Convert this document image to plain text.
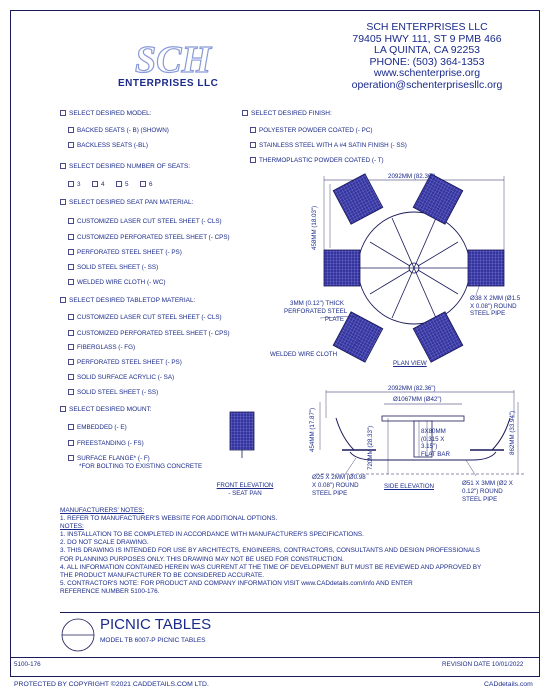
SCH
ENTERPRISES LLC
SCH ENTERPRISES LLC
79405 HWY 111, ST 9 PMB 466
LA QUINTA, CA 92253
PHONE: (503) 364-1353
www.schenterprise.org
operation@schenterprisesllc.org
SELECT DESIRED MODEL:
BACKED SEATS (- B) (SHOWN)
BACKLESS SEATS (-BL)
SELECT DESIRED NUMBER OF SEATS:
3	4	5	6
SELECT DESIRED SEAT PAN MATERIAL:
CUSTOMIZED LASER CUT STEEL SHEET (- CLS)
CUSTOMIZED PERFORATED STEEL SHEET (- CPS)
PERFORATED STEEL SHEET (- PS)
SOLID STEEL SHEET (- SS)
WELDED WIRE CLOTH (- WC)
SELECT DESIRED TABLETOP MATERIAL:
CUSTOMIZED LASER CUT STEEL SHEET (- CLS)
CUSTOMIZED PERFORATED STEEL SHEET (- CPS)
FIBERGLASS (- FG)
PERFORATED STEEL SHEET (- PS)
SOLID SURFACE ACRYLIC (- SA)
SOLID STEEL SHEET (- SS)
SELECT DESIRED MOUNT:
EMBEDDED (- E)
FREESTANDING (- FS)
SURFACE FLANGE* (- F)
*FOR BOLTING TO EXISTING CONCRETE
SELECT DESIRED FINISH:
POLYESTER POWDER COATED (- PC)
STAINLESS STEEL WITH A #4 SATIN FINISH (- SS)
THERMOPLASTIC POWDER COATED (- T)
2092MM (82.36")
458MM (18.03")
Ø38 X 2MM (Ø1.5
X 0.08") ROUND
STEEL PIPE
3MM (0.12") THICK
PERFORATED STEEL
PLATE
WELDED WIRE CLOTH
PLAN VIEW
FRONT ELEVATION
- SEAT PAN
2092MM (82.36")
Ø1067MM (Ø42")
454MM (17.87")	720MM (28.33")	862MM (33.94")
8X80MM
(0.315 X
3.15")
FLAT BAR
Ø25 X 2MM (Ø0.98
X 0.08") ROUND
STEEL PIPE
Ø51 X 3MM (Ø2 X
0.12") ROUND
STEEL PIPE
SIDE ELEVATION
MANUFACTURERS' NOTES:
1. REFER TO MANUFACTURER'S WEBSITE FOR ADDITIONAL OPTIONS.
NOTES:
1. INSTALLATION TO BE COMPLETED IN ACCORDANCE WITH MANUFACTURER'S SPECIFICATIONS.
2. DO NOT SCALE DRAWING.
3. THIS DRAWING IS INTENDED FOR USE BY ARCHITECTS, ENGINEERS, CONTRACTORS, CONSULTANTS AND DESIGN PROFESSIONALS
FOR PLANNING PURPOSES ONLY. THIS DRAWING MAY NOT BE USED FOR CONSTRUCTION.
4. ALL INFORMATION CONTAINED HEREIN WAS CURRENT AT THE TIME OF DEVELOPMENT BUT MUST BE REVIEWED AND APPROVED BY
THE PRODUCT MANUFACTURER TO BE CONSIDERED ACCURATE.
5. CONTRACTOR'S NOTE: FOR PRODUCT AND COMPANY INFORMATION VISIT www.CADdetails.com/info AND ENTER
REFERENCE NUMBER 5100-176.
PICNIC TABLES
MODEL TB 6007-P PICNIC TABLES
5100-176	REVISION DATE 10/01/2022
PROTECTED BY COPYRIGHT ©2021 CADDETAILS.COM LTD.	CADdetails.com
